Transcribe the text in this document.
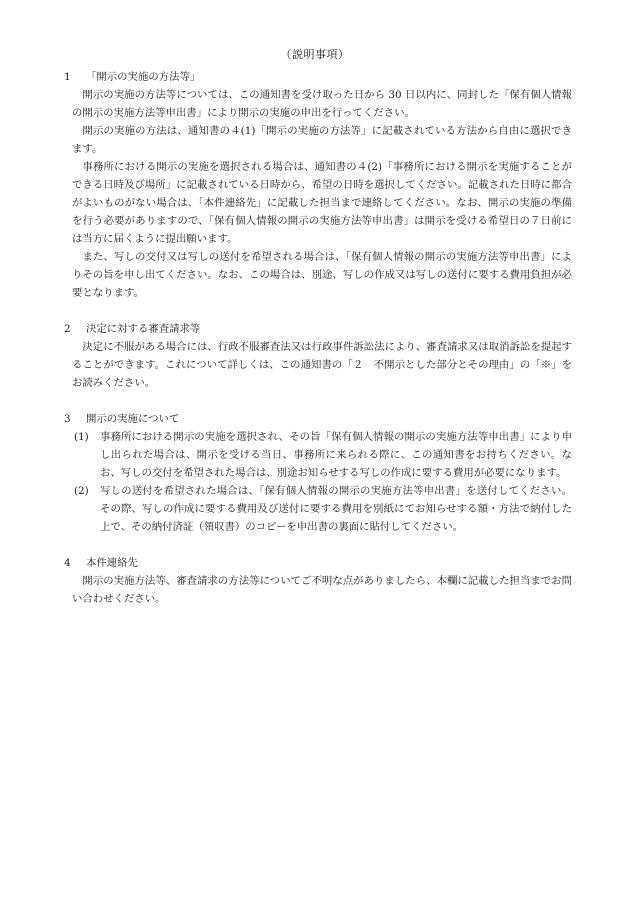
（説明事項）
1	「開示の実施の方法等」

開示の実施の方法等については、この通知書を受け取った日から 30 日以内に、同封した「保有個人情報の開示の実施方法等申出書」により開示の実施の申出を行ってください。

開示の実施の方法は、通知書の４(1)「開示の実施の方法等」に記載されている方法から自由に選択できます。

事務所における開示の実施を選択される場合は、通知書の４(2)「事務所における開示を実施することができる日時及び場所」に記載されている日時から、希望の日時を選択してください。記載された日時に都合がよいものがない場合は、「本件連絡先」に記載した担当まで連絡してください。なお、開示の実施の準備を行う必要がありますので、「保有個人情報の開示の実施方法等申出書」は開示を受ける希望日の７日前には当方に届くように提出願います。

また、写しの交付又は写しの送付を希望される場合は、「保有個人情報の開示の実施方法等申出書」によりその旨を申し出てください。なお、この場合は、別途、写しの作成又は写しの送付に要する費用負担が必要となります。

2	決定に対する審査請求等

決定に不服がある場合には、行政不服審査法又は行政事件訴訟法により、審査請求又は取消訴訟を提起することができます。これについて詳しくは、この通知書の「２　不開示とした部分とその理由」の「※」をお読みください。

3	開示の実施について
(1)	事務所における開示の実施を選択され、その旨「保有個人情報の開示の実施方法等申出書」により申し出られた場合は、開示を受ける当日、事務所に来られる際に、この通知書をお持ちください。なお、写しの交付を希望された場合は、別途お知らせする写しの作成に要する費用が必要になります。
(2)	写しの送付を希望された場合は、「保有個人情報の開示の実施方法等申出書」を送付してください。その際、写しの作成に要する費用及び送付に要する費用を別紙にてお知らせする額・方法で納付した上で、その納付済証（領収書）のコピーを申出書の裏面に貼付してください。
4	本件連絡先

開示の実施方法等、審査請求の方法等についてご不明な点がありましたら、本欄に記載した担当までお問い合わせください。
